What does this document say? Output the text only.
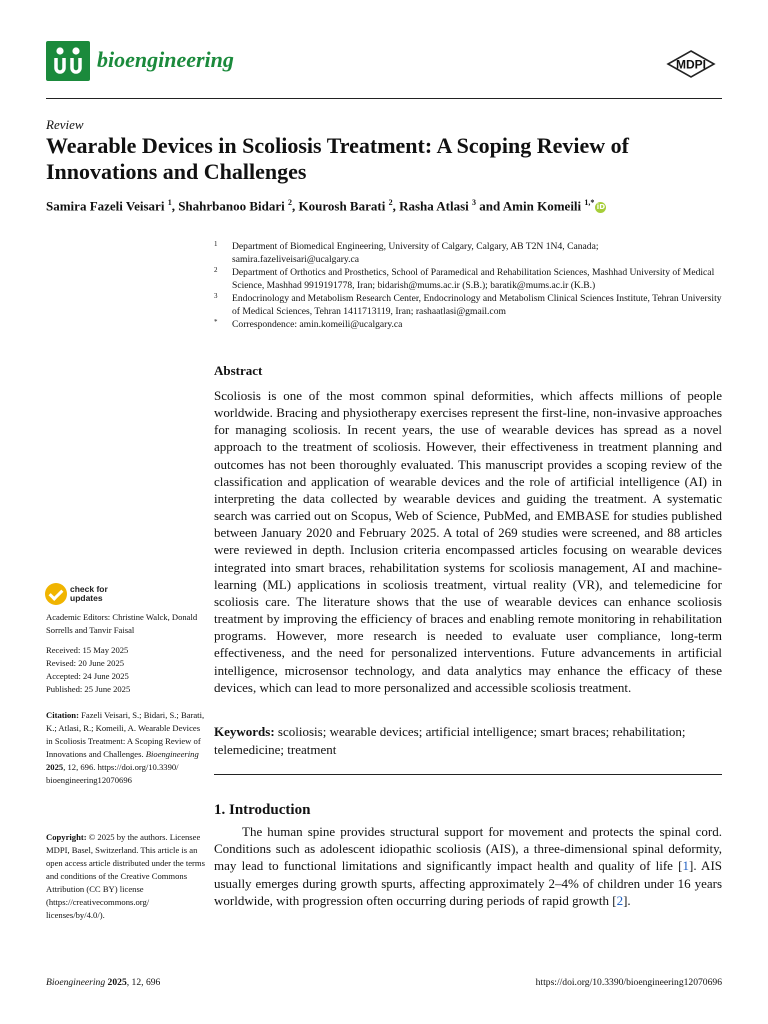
bioengineering	MDPI
Review
Wearable Devices in Scoliosis Treatment: A Scoping Review of Innovations and Challenges
Samira Fazeli Veisari $^1$, Shahrbanoo Bidari $^2$, Kourosh Barati $^2$, Rasha Atlasi $^3$ and Amin Komeili $^{1,*}$iD
1 Department of Biomedical Engineering, University of Calgary, Calgary, AB T2N 1N4, Canada; samira.fazeliveisari@ucalgary.ca
2 Department of Orthotics and Prosthetics, School of Paramedical and Rehabilitation Sciences, Mashhad University of Medical Science, Mashhad 9919191778, Iran; bidarish@mums.ac.ir (S.B.); baratik@mums.ac.ir (K.B.)
3 Endocrinology and Metabolism Research Center, Endocrinology and Metabolism Clinical Sciences Institute, Tehran University of Medical Sciences, Tehran 1411713119, Iran; rashaatlasi@gmail.com
* Correspondence: amin.komeili@ucalgary.ca
Abstract
Scoliosis is one of the most common spinal deformities, which affects millions of people worldwide. Bracing and physiotherapy exercises represent the first-line, non-invasive approaches for managing scoliosis. In recent years, the use of wearable devices has spread as a novel approach to the treatment of scoliosis. However, their effectiveness in treatment planning and outcomes has not been thoroughly evaluated. This manuscript provides a scoping review of the classification and application of wearable devices and the role of artificial intelligence (AI) in interpreting the data collected by wearable devices and guiding the treatment. A systematic search was carried out on Scopus, Web of Science, PubMed, and EMBASE for studies published between January 2020 and February 2025. A total of 269 studies were screened, and 88 articles were reviewed in depth. Inclusion criteria encompassed articles focusing on wearable devices integrated into smart braces, rehabilitation systems for scoliosis management, AI and machine-learning (ML) applications in scoliosis treatment, virtual reality (VR), and telemedicine for scoliosis care. The literature shows that the use of wearable devices can enhance scoliosis treatment by improving the efficiency of braces and enabling remote monitoring in rehabilitation programs. However, more research is needed to evaluate user compliance, long-term effectiveness, and the need for personalized interventions. Future advancements in artificial intelligence, microsensor technology, and data analytics may enhance the efficacy of these devices, which can lead to more personalized and accessible scoliosis treatment.
Keywords: scoliosis; wearable devices; artificial intelligence; smart braces; rehabilitation; telemedicine; treatment
1. Introduction
The human spine provides structural support for movement and protects the spinal cord. Conditions such as adolescent idiopathic scoliosis (AIS), a three-dimensional spinal deformity, may lead to functional limitations and significantly impact health and quality of life [1]. AIS usually emerges during growth spurts, affecting approximately 2–4% of children under 16 years worldwide, with progression often occurring during periods of rapid growth [2].
check for
updates
Academic Editors: Christine Walck, Donald Sorrells and Tanvir Faisal
Received: 15 May 2025
Revised: 20 June 2025
Accepted: 24 June 2025
Published: 25 June 2025
Citation: Fazeli Veisari, S.; Bidari, S.; Barati, K.; Atlasi, R.; Komeili, A. Wearable Devices in Scoliosis Treatment: A Scoping Review of Innovations and Challenges. Bioengineering 2025, 12, 696. https://doi.org/10.3390/ bioengineering12070696
Copyright: © 2025 by the authors. Licensee MDPI, Basel, Switzerland. This article is an open access article distributed under the terms and conditions of the Creative Commons Attribution (CC BY) license (https://creativecommons.org/ licenses/by/4.0/).
Bioengineering 2025, 12, 696	https://doi.org/10.3390/bioengineering12070696
